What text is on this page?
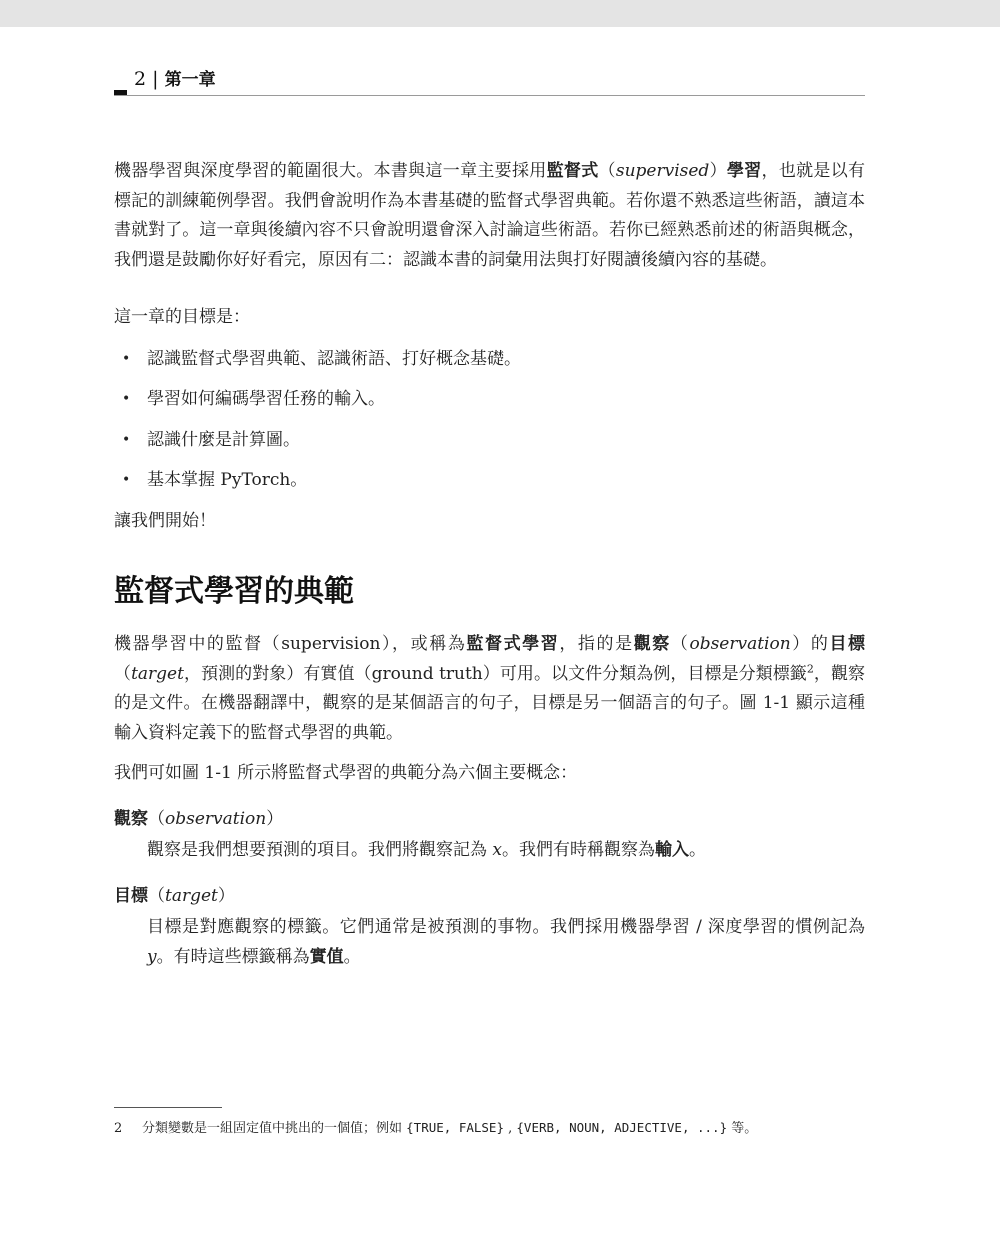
2 | 第一章

機器學習與深度學習的範圍很大。本書與這一章主要採用監督式（supervised）學習，也就是以有標記的訓練範例學習。我們會說明作為本書基礎的監督式學習典範。若你還不熟悉這些術語，讀這本書就對了。這一章與後續內容不只會說明還會深入討論這些術語。若你已經熟悉前述的術語與概念，我們還是鼓勵你好好看完，原因有二：認識本書的詞彙用法與打好閱讀後續內容的基礎。

這一章的目標是：

• 認識監督式學習典範、認識術語、打好概念基礎。
• 學習如何編碼學習任務的輸入。
• 認識什麼是計算圖。
• 基本掌握 PyTorch。

讓我們開始！

監督式學習的典範

機器學習中的監督（supervision），或稱為監督式學習，指的是觀察（observation）的目標（target，預測的對象）有實值（ground truth）可用。以文件分類為例，目標是分類標籤$^2$，觀察的是文件。在機器翻譯中，觀察的是某個語言的句子，目標是另一個語言的句子。圖 1-1 顯示這種輸入資料定義下的監督式學習的典範。

我們可如圖 1-1 所示將監督式學習的典範分為六個主要概念：

觀察（observation）

觀察是我們想要預測的項目。我們將觀察記為 x。我們有時稱觀察為輸入。

目標（target）

目標是對應觀察的標籤。它們通常是被預測的事物。我們採用機器學習 / 深度學習的慣例記為 y。有時這些標籤稱為實值。

2 分類變數是一組固定值中挑出的一個值；例如 {TRUE, FALSE} , {VERB, NOUN, ADJECTIVE, ...} 等。
